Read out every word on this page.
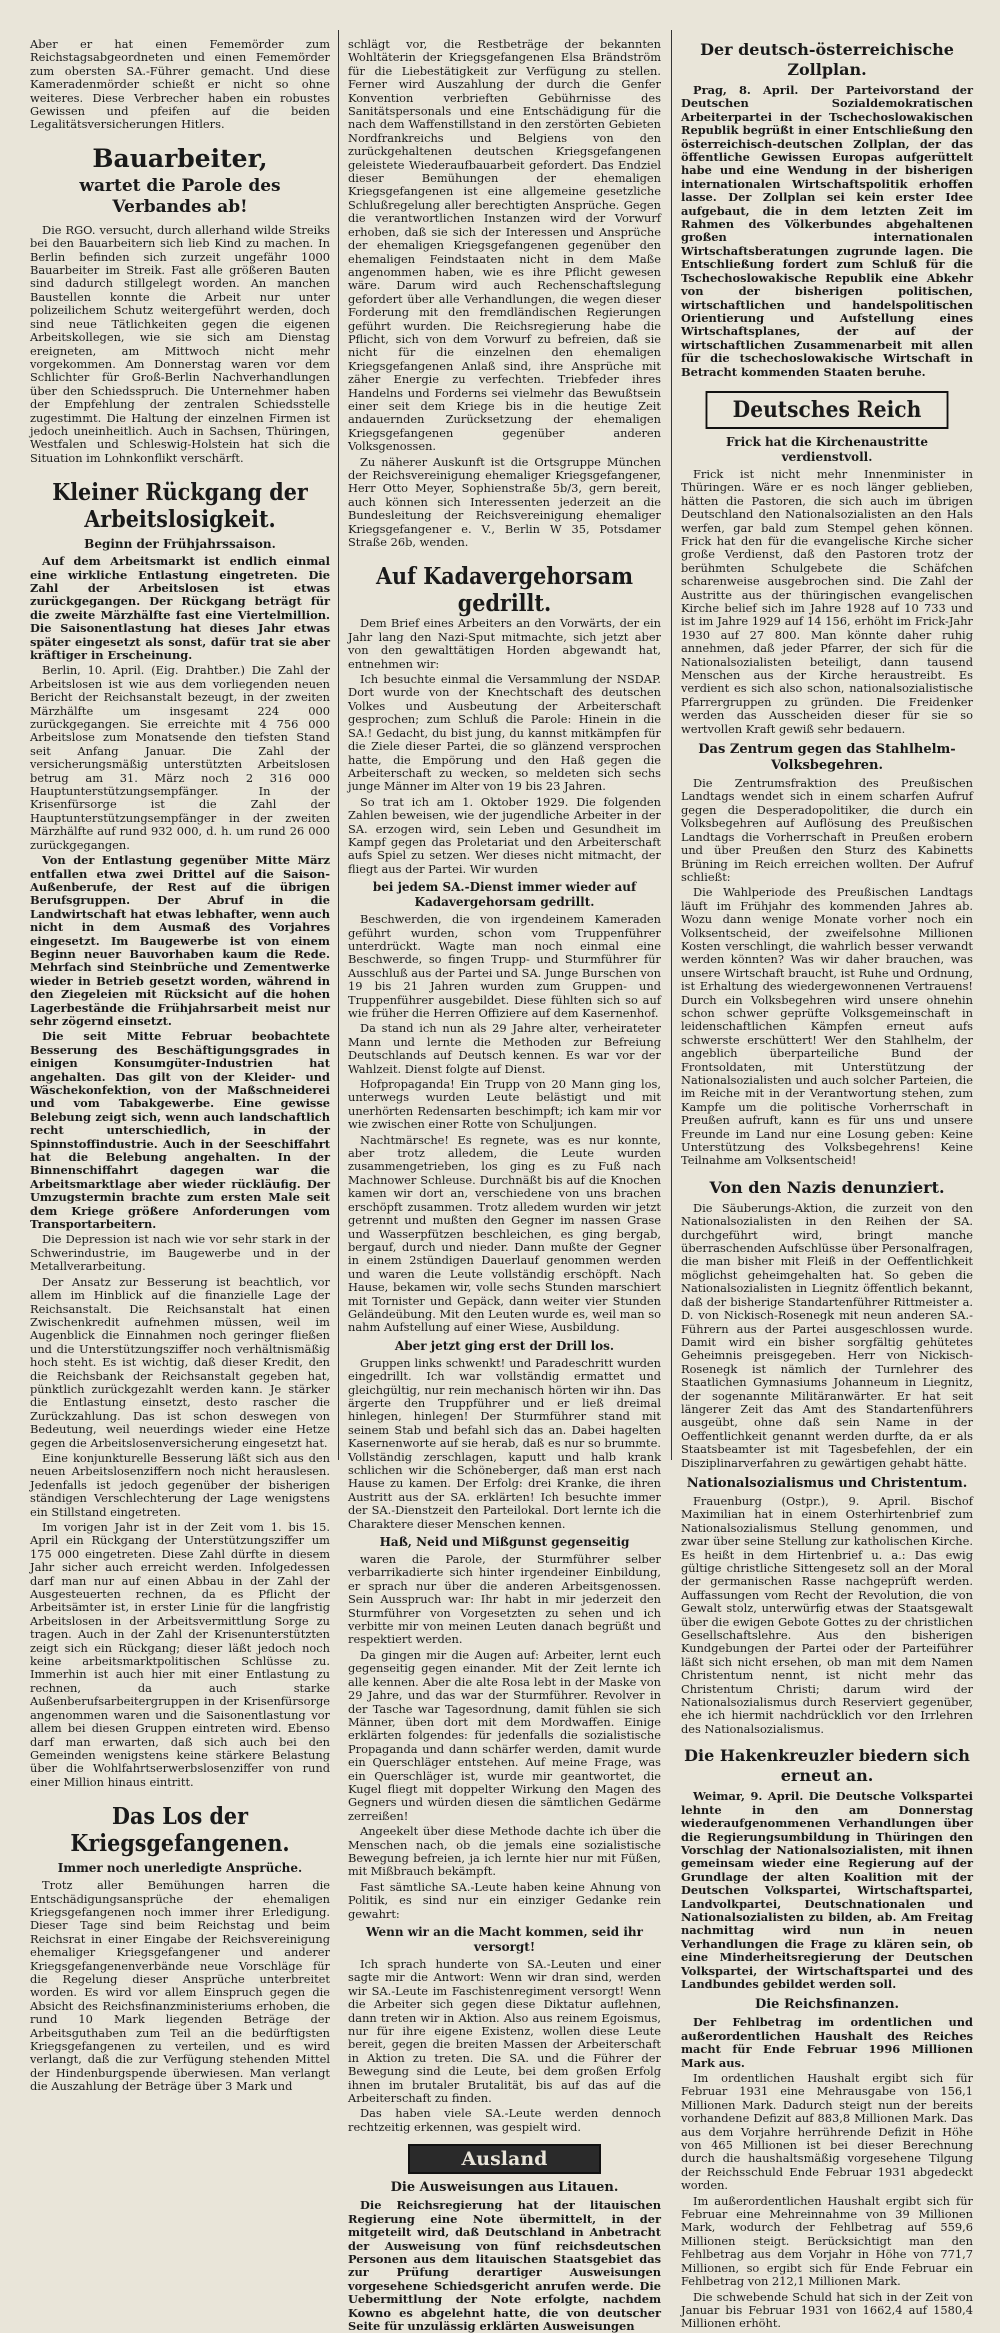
Aber er hat einen Fememörder zum Reichstagsabgeordneten und einen Fememörder zum obersten SA.-Führer gemacht. Und diese Kameradenmörder schießt er nicht so ohne weiteres. Diese Verbrecher haben ein robustes Gewissen und pfeifen auf die beiden Legalitätsversicherungen Hitlers.

Bauarbeiter,
wartet die Parole des Verbandes ab!

Die RGO. versucht, durch allerhand wilde Streiks bei den Bauarbeitern sich lieb Kind zu machen. In Berlin befinden sich zurzeit ungefähr 1000 Bauarbeiter im Streik. Fast alle größeren Bauten sind dadurch stillgelegt worden. An manchen Baustellen konnte die Arbeit nur unter polizeilichem Schutz weitergeführt werden, doch sind neue Tätlichkeiten gegen die eigenen Arbeitskollegen, wie sie sich am Dienstag ereigneten, am Mittwoch nicht mehr vorgekommen. Am Donnerstag waren vor dem Schlichter für Groß-Berlin Nachverhandlungen über den Schiedsspruch. Die Unternehmer haben der Empfehlung der zentralen Schiedsstelle zugestimmt. Die Haltung der einzelnen Firmen ist jedoch uneinheitlich. Auch in Sachsen, Thüringen, Westfalen und Schleswig-Holstein hat sich die Situation im Lohnkonflikt verschärft.

Kleiner Rückgang der Arbeitslosigkeit.
Beginn der Frühjahrssaison.

Auf dem Arbeitsmarkt ist endlich einmal eine wirkliche Entlastung eingetreten. Die Zahl der Arbeitslosen ist etwas zurückgegangen. Der Rückgang beträgt für die zweite Märzhälfte fast eine Viertelmillion. Die Saisonentlastung hat dieses Jahr etwas später eingesetzt als sonst, dafür trat sie aber kräftiger in Erscheinung.

Berlin, 10. April. (Eig. Drahtber.) Die Zahl der Arbeitslosen ist wie aus dem vorliegenden neuen Bericht der Reichsanstalt bezeugt, in der zweiten Märzhälfte um insgesamt 224 000 zurückgegangen. Sie erreichte mit 4 756 000 Arbeitslose zum Monatsende den tiefsten Stand seit Anfang Januar. Die Zahl der versicherungsmäßig unterstützten Arbeitslosen betrug am 31. März noch 2 316 000 Hauptunterstützungsempfänger. In der Krisenfürsorge ist die Zahl der Hauptunterstützungsempfänger in der zweiten Märzhälfte auf rund 932 000, d. h. um rund 26 000 zurückgegangen.

Von der Entlastung gegenüber Mitte März entfallen etwa zwei Drittel auf die Saison-Außenberufe, der Rest auf die übrigen Berufsgruppen. Der Abruf in die Landwirtschaft hat etwas lebhafter, wenn auch nicht in dem Ausmaß des Vorjahres eingesetzt. Im Baugewerbe ist von einem Beginn neuer Bauvorhaben kaum die Rede. Mehrfach sind Steinbrüche und Zementwerke wieder in Betrieb gesetzt worden, während in den Ziegeleien mit Rücksicht auf die hohen Lagerbestände die Frühjahrsarbeit meist nur sehr zögernd einsetzt.

Die seit Mitte Februar beobachtete Besserung des Beschäftigungsgrades in einigen Konsumgüter-Industrien hat angehalten. Das gilt von der Kleider- und Wäschekonfektion, von der Maßschneiderei und vom Tabakgewerbe. Eine gewisse Belebung zeigt sich, wenn auch landschaftlich recht unterschiedlich, in der Spinnstoffindustrie. Auch in der Seeschiffahrt hat die Belebung angehalten. In der Binnenschiffahrt dagegen war die Arbeitsmarktlage aber wieder rückläufig. Der Umzugstermin brachte zum ersten Male seit dem Kriege größere Anforderungen vom Transportarbeitern.

Die Depression ist nach wie vor sehr stark in der Schwerindustrie, im Baugewerbe und in der Metallverarbeitung.

Der Ansatz zur Besserung ist beachtlich, vor allem im Hinblick auf die finanzielle Lage der Reichsanstalt. Die Reichsanstalt hat einen Zwischenkredit aufnehmen müssen, weil im Augenblick die Einnahmen noch geringer fließen und die Unterstützungsziffer noch verhältnismäßig hoch steht. Es ist wichtig, daß dieser Kredit, den die Reichsbank der Reichsanstalt gegeben hat, pünktlich zurückgezahlt werden kann. Je stärker die Entlastung einsetzt, desto rascher die Zurückzahlung. Das ist schon deswegen von Bedeutung, weil neuerdings wieder eine Hetze gegen die Arbeitslosenversicherung eingesetzt hat.

Eine konjunkturelle Besserung läßt sich aus den neuen Arbeitslosenziffern noch nicht herauslesen. Jedenfalls ist jedoch gegenüber der bisherigen ständigen Verschlechterung der Lage wenigstens ein Stillstand eingetreten.

Im vorigen Jahr ist in der Zeit vom 1. bis 15. April ein Rückgang der Unterstützungsziffer um 175 000 eingetreten. Diese Zahl dürfte in diesem Jahr sicher auch erreicht werden. Infolgedessen darf man nur auf einen Abbau in der Zahl der Ausgesteuerten rechnen, da es Pflicht der Arbeitsämter ist, in erster Linie für die langfristig Arbeitslosen in der Arbeitsvermittlung Sorge zu tragen. Auch in der Zahl der Krisenunterstützten zeigt sich ein Rückgang; dieser läßt jedoch noch keine arbeitsmarktpolitischen Schlüsse zu. Immerhin ist auch hier mit einer Entlastung zu rechnen, da auch starke Außenberufsarbeitergruppen in der Krisenfürsorge angenommen waren und die Saisonentlastung vor allem bei diesen Gruppen eintreten wird. Ebenso darf man erwarten, daß sich auch bei den Gemeinden wenigstens keine stärkere Belastung über die Wohlfahrtserwerbslosenziffer von rund einer Million hinaus eintritt.

Das Los der Kriegsgefangenen.
Immer noch unerledigte Ansprüche.

Trotz aller Bemühungen harren die Entschädigungsansprüche der ehemaligen Kriegsgefangenen noch immer ihrer Erledigung. Dieser Tage sind beim Reichstag und beim Reichsrat in einer Eingabe der Reichsvereinigung ehemaliger Kriegsgefangener und anderer Kriegsgefangenenverbände neue Vorschläge für die Regelung dieser Ansprüche unterbreitet worden. Es wird vor allem Einspruch gegen die Absicht des Reichsfinanzministeriums erhoben, die rund 10 Mark liegenden Beträge der Arbeitsguthaben zum Teil an die bedürftigsten Kriegsgefangenen zu verteilen, und es wird verlangt, daß die zur Verfügung stehenden Mittel der Hindenburgspende überwiesen. Man verlangt die Auszahlung der Beträge über 3 Mark und

schlägt vor, die Restbeträge der bekannten Wohltäterin der Kriegsgefangenen Elsa Brändström für die Liebestätigkeit zur Verfügung zu stellen. Ferner wird Auszahlung der durch die Genfer Konvention verbrieften Gebührnisse des Sanitätspersonals und eine Entschädigung für die nach dem Waffenstillstand in den zerstörten Gebieten Nordfrankreichs und Belgiens von den zurückgehaltenen deutschen Kriegsgefangenen geleistete Wiederaufbauarbeit gefordert. Das Endziel dieser Bemühungen der ehemaligen Kriegsgefangenen ist eine allgemeine gesetzliche Schlußregelung aller berechtigten Ansprüche. Gegen die verantwortlichen Instanzen wird der Vorwurf erhoben, daß sie sich der Interessen und Ansprüche der ehemaligen Kriegsgefangenen gegenüber den ehemaligen Feindstaaten nicht in dem Maße angenommen haben, wie es ihre Pflicht gewesen wäre. Darum wird auch Rechenschaftslegung gefordert über alle Verhandlungen, die wegen dieser Forderung mit den fremdländischen Regierungen geführt wurden. Die Reichsregierung habe die Pflicht, sich von dem Vorwurf zu befreien, daß sie nicht für die einzelnen den ehemaligen Kriegsgefangenen Anlaß sind, ihre Ansprüche mit zäher Energie zu verfechten. Triebfeder ihres Handelns und Forderns sei vielmehr das Bewußtsein einer seit dem Kriege bis in die heutige Zeit andauernden Zurücksetzung der ehemaligen Kriegsgefangenen gegenüber anderen Volksgenossen.

Zu näherer Auskunft ist die Ortsgruppe München der Reichsvereinigung ehemaliger Kriegsgefangener, Herr Otto Meyer, Sophienstraße 5b/3, gern bereit, auch können sich Interessenten jederzeit an die Bundesleitung der Reichsvereinigung ehemaliger Kriegsgefangener e. V., Berlin W 35, Potsdamer Straße 26b, wenden.

Auf Kadavergehorsam gedrillt.

Dem Brief eines Arbeiters an den Vorwärts, der ein Jahr lang den Nazi-Sput mitmachte, sich jetzt aber von den gewalttätigen Horden abgewandt hat, entnehmen wir:

Ich besuchte einmal die Versammlung der NSDAP. Dort wurde von der Knechtschaft des deutschen Volkes und Ausbeutung der Arbeiterschaft gesprochen; zum Schluß die Parole: Hinein in die SA.! Gedacht, du bist jung, du kannst mitkämpfen für die Ziele dieser Partei, die so glänzend versprochen hatte, die Empörung und den Haß gegen die Arbeiterschaft zu wecken, so meldeten sich sechs junge Männer im Alter von 19 bis 23 Jahren.

So trat ich am 1. Oktober 1929. Die folgenden Zahlen beweisen, wie der jugendliche Arbeiter in der SA. erzogen wird, sein Leben und Gesundheit im Kampf gegen das Proletariat und den Arbeiterschaft aufs Spiel zu setzen. Wer dieses nicht mitmacht, der fliegt aus der Partei. Wir wurden

bei jedem SA.-Dienst immer wieder auf Kadavergehorsam gedrillt.

Beschwerden, die von irgendeinem Kameraden geführt wurden, schon vom Truppenführer unterdrückt. Wagte man noch einmal eine Beschwerde, so fingen Trupp- und Sturmführer für Ausschluß aus der Partei und SA. Junge Burschen von 19 bis 21 Jahren wurden zum Gruppen- und Truppenführer ausgebildet. Diese fühlten sich so auf wie früher die Herren Offiziere auf dem Kasernenhof.

Da stand ich nun als 29 Jahre alter, verheirateter Mann und lernte die Methoden zur Befreiung Deutschlands auf Deutsch kennen. Es war vor der Wahlzeit. Dienst folgte auf Dienst.

Hofpropaganda! Ein Trupp von 20 Mann ging los, unterwegs wurden Leute belästigt und mit unerhörten Redensarten beschimpft; ich kam mir vor wie zwischen einer Rotte von Schuljungen.

Nachtmärsche! Es regnete, was es nur konnte, aber trotz alledem, die Leute wurden zusammengetrieben, los ging es zu Fuß nach Machnower Schleuse. Durchnäßt bis auf die Knochen kamen wir dort an, verschiedene von uns brachen erschöpft zusammen. Trotz alledem wurden wir jetzt getrennt und mußten den Gegner im nassen Grase und Wasserpfützen beschleichen, es ging bergab, bergauf, durch und nieder. Dann mußte der Gegner in einem 2stündigen Dauerlauf genommen werden und waren die Leute vollständig erschöpft. Nach Hause, bekamen wir, volle sechs Stunden marschiert mit Tornister und Gepäck, dann weiter vier Stunden Geländeübung. Mit den Leuten wurde es, weil man so nahm Aufstellung auf einer Wiese, Ausbildung.

Aber jetzt ging erst der Drill los.

Gruppen links schwenkt! und Paradeschritt wurden eingedrillt. Ich war vollständig ermattet und gleichgültig, nur rein mechanisch hörten wir ihn. Das ärgerte den Truppführer und er ließ dreimal hinlegen, hinlegen! Der Sturmführer stand mit seinem Stab und befahl sich das an. Dabei hagelten Kasernenworte auf sie herab, daß es nur so brummte. Vollständig zerschlagen, kaputt und halb krank schlichen wir die Schöneberger, daß man erst nach Hause zu kamen. Der Erfolg: drei Kranke, die ihren Austritt aus der SA. erklärten! Ich besuchte immer der SA.-Dienstzeit den Parteilokal. Dort lernte ich die Charaktere dieser Menschen kennen.

Haß, Neid und Mißgunst gegenseitig

waren die Parole, der Sturmführer selber verbarrikadierte sich hinter irgendeiner Einbildung, er sprach nur über die anderen Arbeitsgenossen. Sein Ausspruch war: Ihr habt in mir jederzeit den Sturmführer von Vorgesetzten zu sehen und ich verbitte mir von meinen Leuten danach begrüßt und respektiert werden.

Da gingen mir die Augen auf: Arbeiter, lernt euch gegenseitig gegen einander. Mit der Zeit lernte ich alle kennen. Aber die alte Rosa lebt in der Maske von 29 Jahre, und das war der Sturmführer. Revolver in der Tasche war Tagesordnung, damit fühlen sie sich Männer, üben dort mit dem Mordwaffen. Einige erklärten folgendes: für jedenfalls die sozialistische Propaganda und dann schärfer werden, damit wurde ein Querschläger entstehen. Auf meine Frage, was ein Querschläger ist, wurde mir geantwortet, die Kugel fliegt mit doppelter Wirkung den Magen des Gegners und würden diesen die sämtlichen Gedärme zerreißen!

Angeekelt über diese Methode dachte ich über die Menschen nach, ob die jemals eine sozialistische Bewegung befreien, ja ich lernte hier nur mit Füßen, mit Mißbrauch bekämpft.

Fast sämtliche SA.-Leute haben keine Ahnung von Politik, es sind nur ein einziger Gedanke rein gewahrt:

Wenn wir an die Macht kommen, seid ihr versorgt!

Ich sprach hunderte von SA.-Leuten und einer sagte mir die Antwort: Wenn wir dran sind, werden wir SA.-Leute im Faschistenregiment versorgt! Wenn die Arbeiter sich gegen diese Diktatur auflehnen, dann treten wir in Aktion. Also aus reinem Egoismus, nur für ihre eigene Existenz, wollen diese Leute bereit, gegen die breiten Massen der Arbeiterschaft in Aktion zu treten. Die SA. und die Führer der Bewegung sind die Leute, bei dem großen Erfolg ihnen im brutaler Brutalität, bis auf das auf die Arbeiterschaft zu finden.

Das haben viele SA.-Leute werden dennoch rechtzeitig erkennen, was gespielt wird.

Ausland
Die Ausweisungen aus Litauen.

Die Reichsregierung hat der litauischen Regierung eine Note übermittelt, in der mitgeteilt wird, daß Deutschland in Anbetracht der Ausweisung von fünf reichsdeutschen Personen aus dem litauischen Staatsgebiet das zur Prüfung derartiger Ausweisungen vorgesehene Schiedsgericht anrufen werde. Die Uebermittlung der Note erfolgte, nachdem Kowno es abgelehnt hatte, die von deutscher Seite für unzulässig erklärten Ausweisungen

Der deutsch-österreichische Zollplan.

Prag, 8. April. Der Parteivorstand der Deutschen Sozialdemokratischen Arbeiterpartei in der Tschechoslowakischen Republik begrüßt in einer Entschließung den österreichisch-deutschen Zollplan, der das öffentliche Gewissen Europas aufgerüttelt habe und eine Wendung in der bisherigen internationalen Wirtschaftspolitik erhoffen lasse. Der Zollplan sei kein erster Idee aufgebaut, die in dem letzten Zeit im Rahmen des Völkerbundes abgehaltenen großen internationalen Wirtschaftsberatungen zugrunde lagen. Die Entschließung fordert zum Schluß für die Tschechoslowakische Republik eine Abkehr von der bisherigen politischen, wirtschaftlichen und handelspolitischen Orientierung und Aufstellung eines Wirtschaftsplanes, der auf der wirtschaftlichen Zusammenarbeit mit allen für die tschechoslowakische Wirtschaft in Betracht kommenden Staaten beruhe.

Deutsches Reich
Frick hat die Kirchenaustritte verdienstvoll.

Frick ist nicht mehr Innenminister in Thüringen. Wäre er es noch länger geblieben, hätten die Pastoren, die sich auch im übrigen Deutschland den Nationalsozialisten an den Hals werfen, gar bald zum Stempel gehen können. Frick hat den für die evangelische Kirche sicher große Verdienst, daß den Pastoren trotz der berühmten Schulgebete die Schäfchen scharenweise ausgebrochen sind. Die Zahl der Austritte aus der thüringischen evangelischen Kirche belief sich im Jahre 1928 auf 10 733 und ist im Jahre 1929 auf 14 156, erhöht im Frick-Jahr 1930 auf 27 800. Man könnte daher ruhig annehmen, daß jeder Pfarrer, der sich für die Nationalsozialisten beteiligt, dann tausend Menschen aus der Kirche heraustreibt. Es verdient es sich also schon, nationalsozialistische Pfarrergruppen zu gründen. Die Freidenker werden das Ausscheiden dieser für sie so wertvollen Kraft gewiß sehr bedauern.

Das Zentrum gegen das Stahlhelm-Volksbegehren.

Die Zentrumsfraktion des Preußischen Landtags wendet sich in einem scharfen Aufruf gegen die Desperadopolitiker, die durch ein Volksbegehren auf Auflösung des Preußischen Landtags die Vorherrschaft in Preußen erobern und über Preußen den Sturz des Kabinetts Brüning im Reich erreichen wollten. Der Aufruf schließt:

Die Wahlperiode des Preußischen Landtags läuft im Frühjahr des kommenden Jahres ab. Wozu dann wenige Monate vorher noch ein Volksentscheid, der zweifelsohne Millionen Kosten verschlingt, die wahrlich besser verwandt werden könnten? Was wir daher brauchen, was unsere Wirtschaft braucht, ist Ruhe und Ordnung, ist Erhaltung des wiedergewonnenen Vertrauens! Durch ein Volksbegehren wird unsere ohnehin schon schwer geprüfte Volksgemeinschaft in leidenschaftlichen Kämpfen erneut aufs schwerste erschüttert! Wer den Stahlhelm, der angeblich überparteiliche Bund der Frontsoldaten, mit Unterstützung der Nationalsozialisten und auch solcher Parteien, die im Reiche mit in der Verantwortung stehen, zum Kampfe um die politische Vorherrschaft in Preußen aufruft, kann es für uns und unsere Freunde im Land nur eine Losung geben: Keine Unterstützung des Volksbegehrens! Keine Teilnahme am Volksentscheid!

Von den Nazis denunziert.

Die Säuberungs-Aktion, die zurzeit von den Nationalsozialisten in den Reihen der SA. durchgeführt wird, bringt manche überraschenden Aufschlüsse über Personalfragen, die man bisher mit Fleiß in der Oeffentlichkeit möglichst geheimgehalten hat. So geben die Nationalsozialisten in Liegnitz öffentlich bekannt, daß der bisherige Standartenführer Rittmeister a. D. von Nickisch-Rosenegk mit neun anderen SA.-Führern aus der Partei ausgeschlossen wurde. Damit wird ein bisher sorgfältig gehütetes Geheimnis preisgegeben. Herr von Nickisch-Rosenegk ist nämlich der Turnlehrer des Staatlichen Gymnasiums Johanneum in Liegnitz, der sogenannte Militäranwärter. Er hat seit längerer Zeit das Amt des Standartenführers ausgeübt, ohne daß sein Name in der Oeffentlichkeit genannt werden durfte, da er als Staatsbeamter ist mit Tagesbefehlen, der ein Disziplinarverfahren zu gewärtigen gehabt hätte.

Nationalsozialismus und Christentum.

Frauenburg (Ostpr.), 9. April. Bischof Maximilian hat in einem Osterhirtenbrief zum Nationalsozialismus Stellung genommen, und zwar über seine Stellung zur katholischen Kirche. Es heißt in dem Hirtenbrief u. a.: Das ewig gültige christliche Sittengesetz soll an der Moral der germanischen Rasse nachgeprüft werden. Auffassungen vom Recht der Revolution, die von Gewalt stolz, unterwürfig etwas der Staatsgewalt über die ewigen Gebote Gottes zu der christlichen Gesellschaftslehre. Aus den bisherigen Kundgebungen der Partei oder der Parteiführer läßt sich nicht ersehen, ob man mit dem Namen Christentum nennt, ist nicht mehr das Christentum Christi; darum wird der Nationalsozialismus durch Reserviert gegenüber, ehe ich hiermit nachdrücklich vor den Irrlehren des Nationalsozialismus.

Die Hakenkreuzler biedern sich erneut an.

Weimar, 9. April. Die Deutsche Volkspartei lehnte in den am Donnerstag wiederaufgenommenen Verhandlungen über die Regierungsumbildung in Thüringen den Vorschlag der Nationalsozialisten, mit ihnen gemeinsam wieder eine Regierung auf der Grundlage der alten Koalition mit der Deutschen Volkspartei, Wirtschaftspartei, Landvolkpartei, Deutschnationalen und Nationalsozialisten zu bilden, ab. Am Freitag nachmittag wird nun in neuen Verhandlungen die Frage zu klären sein, ob eine Minderheitsregierung der Deutschen Volkspartei, der Wirtschaftspartei und des Landbundes gebildet werden soll.

Die Reichsfinanzen.

Der Fehlbetrag im ordentlichen und außerordentlichen Haushalt des Reiches macht für Ende Februar 1996 Millionen Mark aus.

Im ordentlichen Haushalt ergibt sich für Februar 1931 eine Mehrausgabe von 156,1 Millionen Mark. Dadurch steigt nun der bereits vorhandene Defizit auf 883,8 Millionen Mark. Das aus dem Vorjahre herrührende Defizit in Höhe von 465 Millionen ist bei dieser Berechnung durch die haushaltsmäßig vorgesehene Tilgung der Reichsschuld Ende Februar 1931 abgedeckt worden.

Im außerordentlichen Haushalt ergibt sich für Februar eine Mehreinnahme von 39 Millionen Mark, wodurch der Fehlbetrag auf 559,6 Millionen steigt. Berücksichtigt man den Fehlbetrag aus dem Vorjahr in Höhe von 771,7 Millionen, so ergibt sich für Ende Februar ein Fehlbetrag von 212,1 Millionen Mark.

Die schwebende Schuld hat sich in der Zeit von Januar bis Februar 1931 von 1662,4 auf 1580,4 Millionen erhöht.
